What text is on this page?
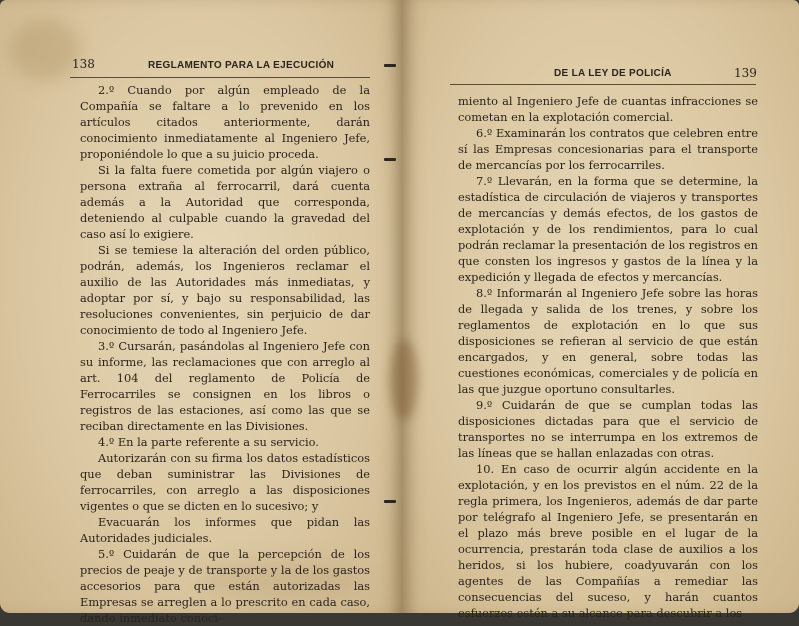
138	REGLAMENTO PARA LA EJECUCIÓN

2.º Cuando por algún empleado de la Compañía se faltare a lo prevenido en los artículos citados anteriormente, darán conocimiento inmediatamente al Ingeniero Jefe, proponiéndole lo que a su juicio proceda.

Si la falta fuere cometida por algún viajero o persona extraña al ferrocarril, dará cuenta además a la Autoridad que corresponda, deteniendo al culpable cuando la gravedad del caso así lo exigiere.

Si se temiese la alteración del orden público, podrán, además, los Ingenieros reclamar el auxilio de las Autoridades más inmediatas, y adoptar por sí, y bajo su responsabilidad, las resoluciones convenientes, sin perjuicio de dar conocimiento de todo al Ingeniero Jefe.

3.º Cursarán, pasándolas al Ingeniero Jefe con su informe, las reclamaciones que con arreglo al art. 104 del reglamento de Policía de Ferrocarriles se consignen en los libros o registros de las estaciones, así como las que se reciban directamente en las Divisiones.

4.º En la parte referente a su servicio.

Autorizarán con su firma los datos estadísticos que deban suministrar las Divisiones de ferrocarriles, con arreglo a las disposiciones vigentes o que se dicten en lo sucesivo; y

Evacuarán los informes que pidan las Autoridades judiciales.

5.º Cuidarán de que la percepción de los precios de peaje y de transporte y la de los gastos accesorios para que están autorizadas las Empresas se arreglen a lo prescrito en cada caso, dando inmediato conoci-

DE LA LEY DE POLICÍA	139

miento al Ingeniero Jefe de cuantas infracciones se cometan en la explotación comercial.

6.º Examinarán los contratos que celebren entre sí las Empresas concesionarias para el transporte de mercancías por los ferrocarriles.

7.º Llevarán, en la forma que se determine, la estadística de circulación de viajeros y transportes de mercancías y demás efectos, de los gastos de explotación y de los rendimientos, para lo cual podrán reclamar la presentación de los registros en que consten los ingresos y gastos de la línea y la expedición y llegada de efectos y mercancías.

8.º Informarán al Ingeniero Jefe sobre las horas de llegada y salida de los trenes, y sobre los reglamentos de explotación en lo que sus disposiciones se refieran al servicio de que están encargados, y en general, sobre todas las cuestiones económicas, comerciales y de policía en las que juzgue oportuno consultarles.

9.º Cuidarán de que se cumplan todas las disposiciones dictadas para que el servicio de transportes no se interrumpa en los extremos de las líneas que se hallan enlazadas con otras.

10. En caso de ocurrir algún accidente en la explotación, y en los previstos en el núm. 22 de la regla primera, los Ingenieros, además de dar parte por telégrafo al Ingeniero Jefe, se presentarán en el plazo más breve posible en el lugar de la ocurrencia, prestarán toda clase de auxilios a los heridos, si los hubiere, coadyuvarán con los agentes de las Compañías a remediar las consecuencias del suceso, y harán cuantos esfuerzos estén a su alcance para descubrir a los
